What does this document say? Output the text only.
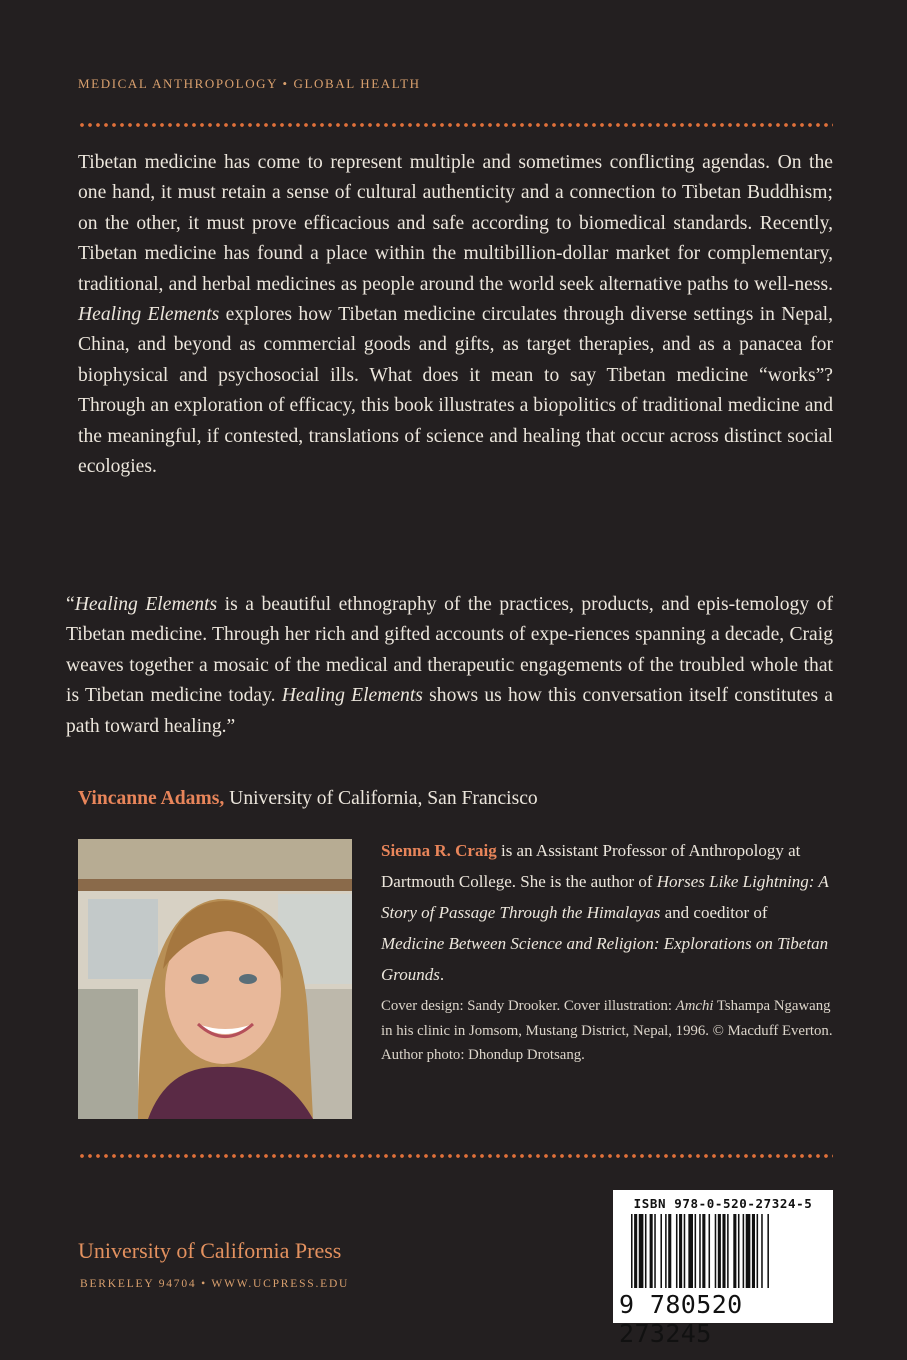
MEDICAL ANTHROPOLOGY • GLOBAL HEALTH

Tibetan medicine has come to represent multiple and sometimes conflicting agendas. On the one hand, it must retain a sense of cultural authenticity and a connection to Tibetan Buddhism; on the other, it must prove efficacious and safe according to biomedical standards. Recently, Tibetan medicine has found a place within the multibillion-dollar market for complementary, traditional, and herbal medicines as people around the world seek alternative paths to well-ness. Healing Elements explores how Tibetan medicine circulates through diverse settings in Nepal, China, and beyond as commercial goods and gifts, as target therapies, and as a panacea for biophysical and psychosocial ills. What does it mean to say Tibetan medicine “works”? Through an exploration of efficacy, this book illustrates a biopolitics of traditional medicine and the meaningful, if contested, translations of science and healing that occur across distinct social ecologies.

“Healing Elements is a beautiful ethnography of the practices, products, and epis-temology of Tibetan medicine. Through her rich and gifted accounts of expe-riences spanning a decade, Craig weaves together a mosaic of the medical and therapeutic engagements of the troubled whole that is Tibetan medicine today. Healing Elements shows us how this conversation itself constitutes a path toward healing.”

Vincanne Adams, University of California, San Francisco

Sienna R. Craig is an Assistant Professor of Anthropology at Dartmouth College. She is the author of Horses Like Lightning: A Story of Passage Through the Himalayas and coeditor of Medicine Between Science and Religion: Explorations on Tibetan Grounds.

Cover design: Sandy Drooker. Cover illustration: Amchi Tshampa Ngawang in his clinic in Jomsom, Mustang District, Nepal, 1996. © Macduff Everton. Author photo: Dhondup Drotsang.

University of California Press
BERKELEY 94704 • WWW.UCPRESS.EDU
ISBN 978-0-520-27324-5
9 780520 273245
